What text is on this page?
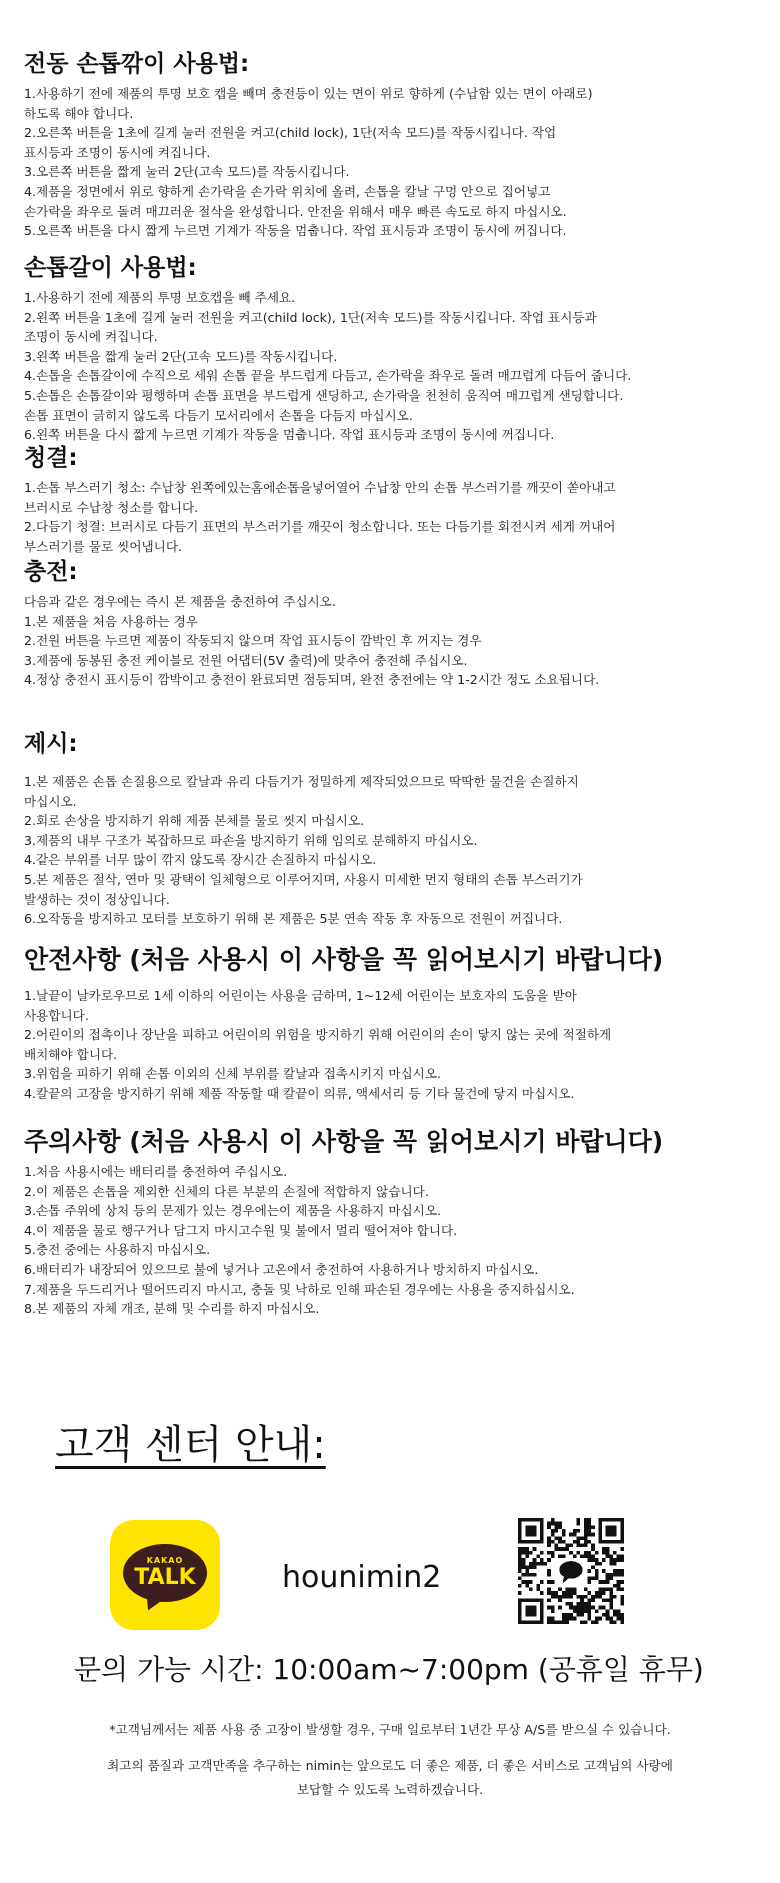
전동 손톱깎이 사용법:
1.사용하기 전에 제품의 투명 보호 캡을 빼며 충전등이 있는 면이 위로 향하게 (수납함 있는 면이 아래로)
하도록 해야 합니다.
2.오른쪽 버튼을 1초에 길게 눌러 전원을 켜고(child lock), 1단(저속 모드)를 작동시킵니다. 작업
표시등과 조명이 동시에 켜집니다.
3.오른쪽 버튼을 짧게 눌러 2단(고속 모드)를 작동시킵니다.
4.제품을 정면에서 위로 향하게 손가락을 손가락 위치에 올려, 손톱을 칼날 구멍 안으로 집어넣고
손가락을 좌우로 돌려 매끄러운 절삭을 완성합니다. 안전을 위해서 매우 빠른 속도로 하지 마십시오.
5.오른쪽 버튼을 다시 짧게 누르면 기계가 작동을 멈춥니다. 작업 표시등과 조명이 동시에 꺼집니다.
손톱갈이 사용법:
1.사용하기 전에 제품의 투명 보호캡을 빼 주세요.
2.왼쪽 버튼을 1초에 길게 눌러 전원을 켜고(child lock), 1단(저속 모드)를 작동시킵니다. 작업 표시등과
조명이 동시에 켜집니다.
3.왼쪽 버튼을 짧게 눌러 2단(고속 모드)를 작동시킵니다.
4.손톱을 손톱갈이에 수직으로 세워 손톱 끝을 부드럽게 다듬고, 손가락을 좌우로 돌려 매끄럽게 다듬어 줍니다.
5.손톱은 손톱갈이와 평행하며 손톱 표면을 부드럽게 샌딩하고, 손가락을 천천히 움직여 매끄럽게 샌딩합니다.
손톱 표면이 긁히지 않도록 다듬기 모서리에서 손톱을 다듬지 마십시오.
6.왼쪽 버튼을 다시 짧게 누르면 기계가 작동을 멈춥니다. 작업 표시등과 조명이 동시에 꺼집니다.
청결:
1.손톱 부스러기 청소: 수납창 왼쪽에있는홈에손톱을넣어열어 수납창 안의 손톱 부스러기를 깨끗이 쏟아내고
브러시로 수납창 청소를 합니다.
2.다듬기 청결: 브러시로 다듬기 표면의 부스러기를 깨끗이 청소합니다. 또는 다듬기를 회전시켜 세게 꺼내어
부스러기를 물로 씻어냅니다.
충전:
다음과 같은 경우에는 즉시 본 제품을 충전하여 주십시오.
1.본 제품을 처음 사용하는 경우
2.전원 버튼을 누르면 제품이 작동되지 않으며 작업 표시등이 깜박인 후 꺼지는 경우
3.제품에 동봉된 충전 케이블로 전원 어댑터(5V 출력)에 맞추어 충전해 주십시오.
4.정상 충전시 표시등이 깜박이고 충전이 완료되면 점등되며, 완전 충전에는 약 1-2시간 정도 소요됩니다.
제시:
1.본 제품은 손톱 손질용으로 칼날과 유리 다듬기가 정밀하게 제작되었으므로 딱딱한 물건을 손질하지
마십시오.
2.회로 손상을 방지하기 위해 제품 본체를 물로 씻지 마십시오.
3.제품의 내부 구조가 복잡하므로 파손을 방지하기 위해 임의로 분해하지 마십시오.
4.같은 부위를 너무 많이 깎지 않도록 장시간 손질하지 마십시오.
5.본 제품은 절삭, 연마 및 광택이 일체형으로 이루어지며, 사용시 미세한 먼지 형태의 손톱 부스러기가
발생하는 것이 정상입니다.
6.오작동을 방지하고 모터를 보호하기 위해 본 제품은 5분 연속 작동 후 자동으로 전원이 꺼집니다.
안전사항 (처음 사용시 이 사항을 꼭 읽어보시기 바랍니다)
1.날끝이 날카로우므로 1세 이하의 어린이는 사용을 금하며, 1~12세 어린이는 보호자의 도움을 받아
사용합니다.
2.어린이의 접촉이나 장난을 피하고 어린이의 위험을 방지하기 위해 어린이의 손이 닿지 않는 곳에 적절하게
배치해야 합니다.
3.위험을 피하기 위해 손톱 이외의 신체 부위를 칼날과 접촉시키지 마십시오.
4.칼끝의 고장을 방지하기 위해 제품 작동할 때 칼끝이 의류, 액세서리 등 기타 물건에 닿지 마십시오.
주의사항 (처음 사용시 이 사항을 꼭 읽어보시기 바랍니다)
1.처음 사용시에는 배터리를 충전하여 주십시오.
2.이 제품은 손톱을 제외한 신체의 다른 부분의 손질에 적합하지 않습니다.
3.손톱 주위에 상처 등의 문제가 있는 경우에는이 제품을 사용하지 마십시오.
4.이 제품을 물로 행구거나 담그지 마시고수원 및 불에서 멀리 떨어져야 합니다.
5.충전 중에는 사용하지 마십시오.
6.배터리가 내장되어 있으므로 불에 넣거나 고온에서 충전하여 사용하거나 방치하지 마십시오.
7.제품을 두드리거나 떨어뜨리지 마시고, 충돌 및 낙하로 인해 파손된 경우에는 사용을 중지하십시오.
8.본 제품의 자체 개조, 분해 및 수리를 하지 마십시오.
고객 센터 안내:
KAKAO
TALK	hounimin2
문의 가능 시간: 10:00am~7:00pm (공휴일 휴무)
*고객님께서는 제품 사용 중 고장이 발생할 경우, 구매 일로부터 1년간 무상 A/S를 받으실 수 있습니다.
최고의 품질과 고객만족을 추구하는 nimin는 앞으로도 더 좋은 제품, 더 좋은 서비스로 고객님의 사랑에
보답할 수 있도록 노력하겠습니다.
